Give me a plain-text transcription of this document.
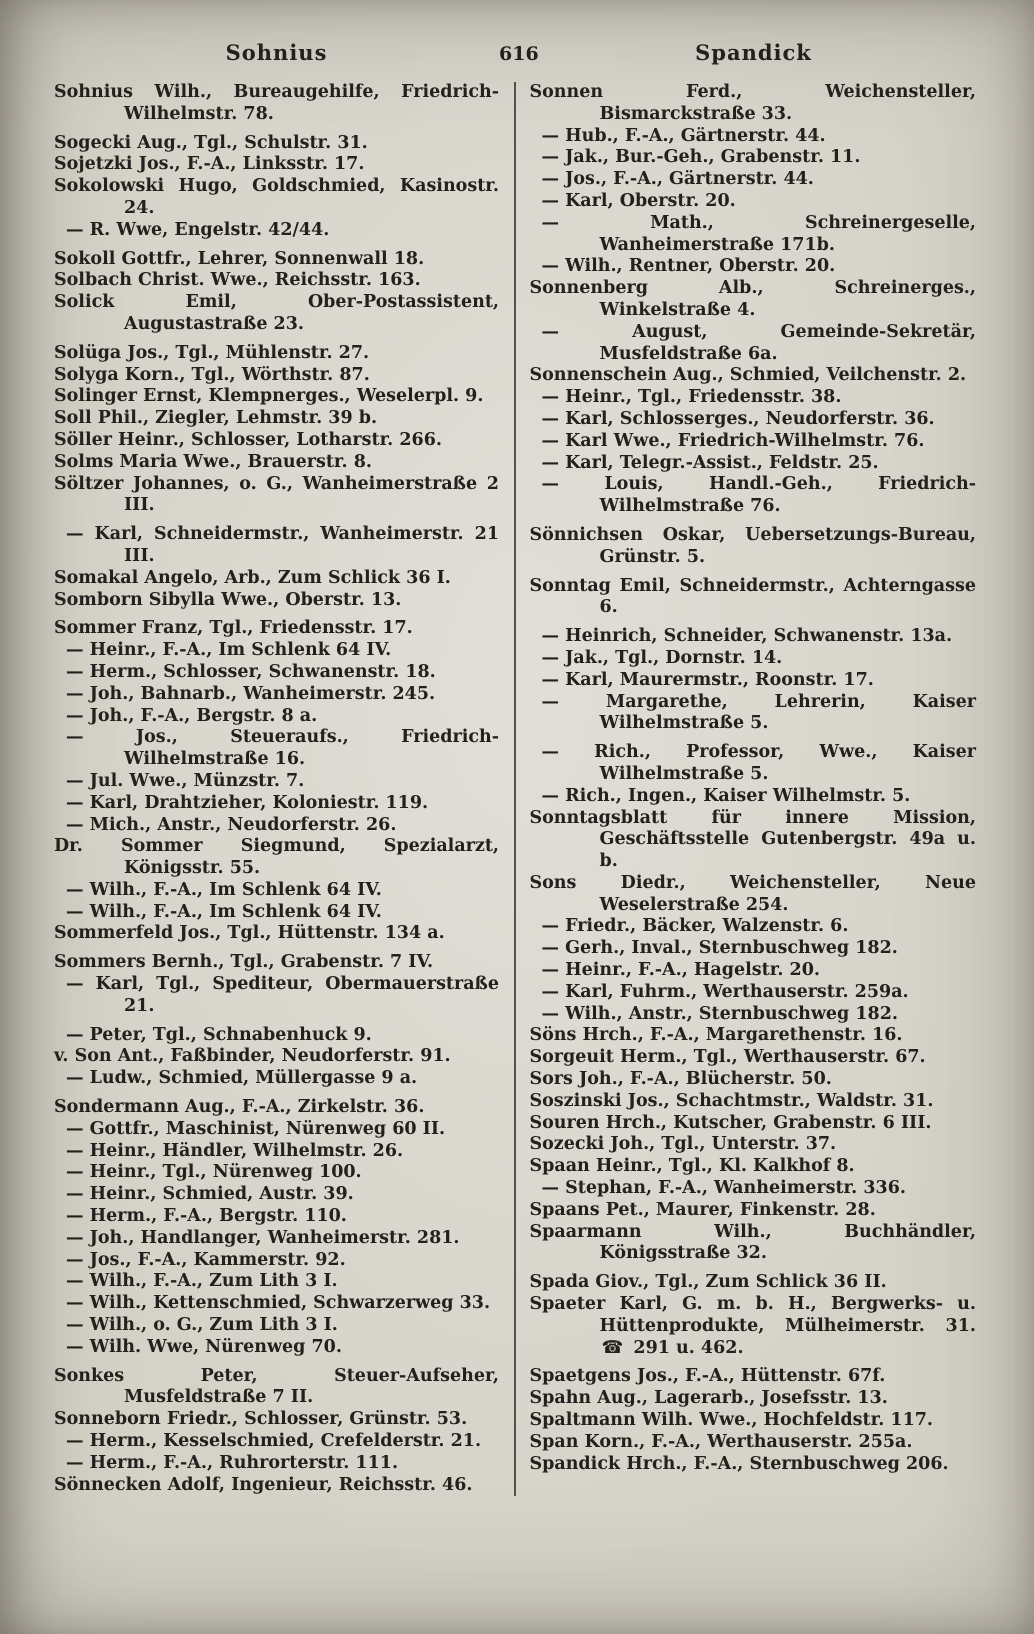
Sohnius	616	Spandick

Sohnius Wilh., Bureaugehilfe, Friedrich-Wilhelmstr. 78.

Sogecki Aug., Tgl., Schulstr. 31.

Sojetzki Jos., F.-A., Linksstr. 17.

Sokolowski Hugo, Goldschmied, Kasinostr. 24.

— R. Wwe, Engelstr. 42/44.

Sokoll Gottfr., Lehrer, Sonnenwall 18.

Solbach Christ. Wwe., Reichsstr. 163.

Solick Emil, Ober-Postassistent, Augustastraße 23.

Solüga Jos., Tgl., Mühlenstr. 27.

Solyga Korn., Tgl., Wörthstr. 87.

Solinger Ernst, Klempnerges., Weselerpl. 9.

Soll Phil., Ziegler, Lehmstr. 39 b.

Söller Heinr., Schlosser, Lotharstr. 266.

Solms Maria Wwe., Brauerstr. 8.

Söltzer Johannes, o. G., Wanheimerstraße 2 III.

— Karl, Schneidermstr., Wanheimerstr. 21 III.

Somakal Angelo, Arb., Zum Schlick 36 I.

Somborn Sibylla Wwe., Oberstr. 13.

Sommer Franz, Tgl., Friedensstr. 17.

— Heinr., F.-A., Im Schlenk 64 IV.

— Herm., Schlosser, Schwanenstr. 18.

— Joh., Bahnarb., Wanheimerstr. 245.

— Joh., F.-A., Bergstr. 8 a.

— Jos., Steueraufs., Friedrich-Wilhelmstraße 16.

— Jul. Wwe., Münzstr. 7.

— Karl, Drahtzieher, Koloniestr. 119.

— Mich., Anstr., Neudorferstr. 26.

Dr. Sommer Siegmund, Spezialarzt, Königsstr. 55.

— Wilh., F.-A., Im Schlenk 64 IV.

— Wilh., F.-A., Im Schlenk 64 IV.

Sommerfeld Jos., Tgl., Hüttenstr. 134 a.

Sommers Bernh., Tgl., Grabenstr. 7 IV.

— Karl, Tgl., Spediteur, Obermauerstraße 21.

— Peter, Tgl., Schnabenhuck 9.

v. Son Ant., Faßbinder, Neudorferstr. 91.

— Ludw., Schmied, Müllergasse 9 a.

Sondermann Aug., F.-A., Zirkelstr. 36.

— Gottfr., Maschinist, Nürenweg 60 II.

— Heinr., Händler, Wilhelmstr. 26.

— Heinr., Tgl., Nürenweg 100.

— Heinr., Schmied, Austr. 39.

— Herm., F.-A., Bergstr. 110.

— Joh., Handlanger, Wanheimerstr. 281.

— Jos., F.-A., Kammerstr. 92.

— Wilh., F.-A., Zum Lith 3 I.

— Wilh., Kettenschmied, Schwarzerweg 33.

— Wilh., o. G., Zum Lith 3 I.

— Wilh. Wwe, Nürenweg 70.

Sonkes Peter, Steuer-Aufseher, Musfeldstraße 7 II.

Sonneborn Friedr., Schlosser, Grünstr. 53.

— Herm., Kesselschmied, Crefelderstr. 21.

— Herm., F.-A., Ruhrorterstr. 111.

Sönnecken Adolf, Ingenieur, Reichsstr. 46.

Sonnen Ferd., Weichensteller, Bismarckstraße 33.

— Hub., F.-A., Gärtnerstr. 44.

— Jak., Bur.-Geh., Grabenstr. 11.

— Jos., F.-A., Gärtnerstr. 44.

— Karl, Oberstr. 20.

— Math., Schreinergeselle, Wanheimerstraße 171b.

— Wilh., Rentner, Oberstr. 20.

Sonnenberg Alb., Schreinerges., Winkelstraße 4.

— August, Gemeinde-Sekretär, Musfeldstraße 6a.

Sonnenschein Aug., Schmied, Veilchenstr. 2.

— Heinr., Tgl., Friedensstr. 38.

— Karl, Schlosserges., Neudorferstr. 36.

— Karl Wwe., Friedrich-Wilhelmstr. 76.

— Karl, Telegr.-Assist., Feldstr. 25.

— Louis, Handl.-Geh., Friedrich-Wilhelmstraße 76.

Sönnichsen Oskar, Uebersetzungs-Bureau, Grünstr. 5.

Sonntag Emil, Schneidermstr., Achterngasse 6.

— Heinrich, Schneider, Schwanenstr. 13a.

— Jak., Tgl., Dornstr. 14.

— Karl, Maurermstr., Roonstr. 17.

— Margarethe, Lehrerin, Kaiser Wilhelmstraße 5.

— Rich., Professor, Wwe., Kaiser Wilhelmstraße 5.

— Rich., Ingen., Kaiser Wilhelmstr. 5.

Sonntagsblatt für innere Mission, Geschäftsstelle Gutenbergstr. 49a u. b.

Sons Diedr., Weichensteller, Neue Weselerstraße 254.

— Friedr., Bäcker, Walzenstr. 6.

— Gerh., Inval., Sternbuschweg 182.

— Heinr., F.-A., Hagelstr. 20.

— Karl, Fuhrm., Werthauserstr. 259a.

— Wilh., Anstr., Sternbuschweg 182.

Söns Hrch., F.-A., Margarethenstr. 16.

Sorgeuit Herm., Tgl., Werthauserstr. 67.

Sors Joh., F.-A., Blücherstr. 50.

Soszinski Jos., Schachtmstr., Waldstr. 31.

Souren Hrch., Kutscher, Grabenstr. 6 III.

Sozecki Joh., Tgl., Unterstr. 37.

Spaan Heinr., Tgl., Kl. Kalkhof 8.

— Stephan, F.-A., Wanheimerstr. 336.

Spaans Pet., Maurer, Finkenstr. 28.

Spaarmann Wilh., Buchhändler, Königsstraße 32.

Spada Giov., Tgl., Zum Schlick 36 II.

Spaeter Karl, G. m. b. H., Bergwerks- u. Hüttenprodukte, Mülheimerstr. 31. ☎ 291 u. 462.

Spaetgens Jos., F.-A., Hüttenstr. 67f.

Spahn Aug., Lagerarb., Josefsstr. 13.

Spaltmann Wilh. Wwe., Hochfeldstr. 117.

Span Korn., F.-A., Werthauserstr. 255a.

Spandick Hrch., F.-A., Sternbuschweg 206.
